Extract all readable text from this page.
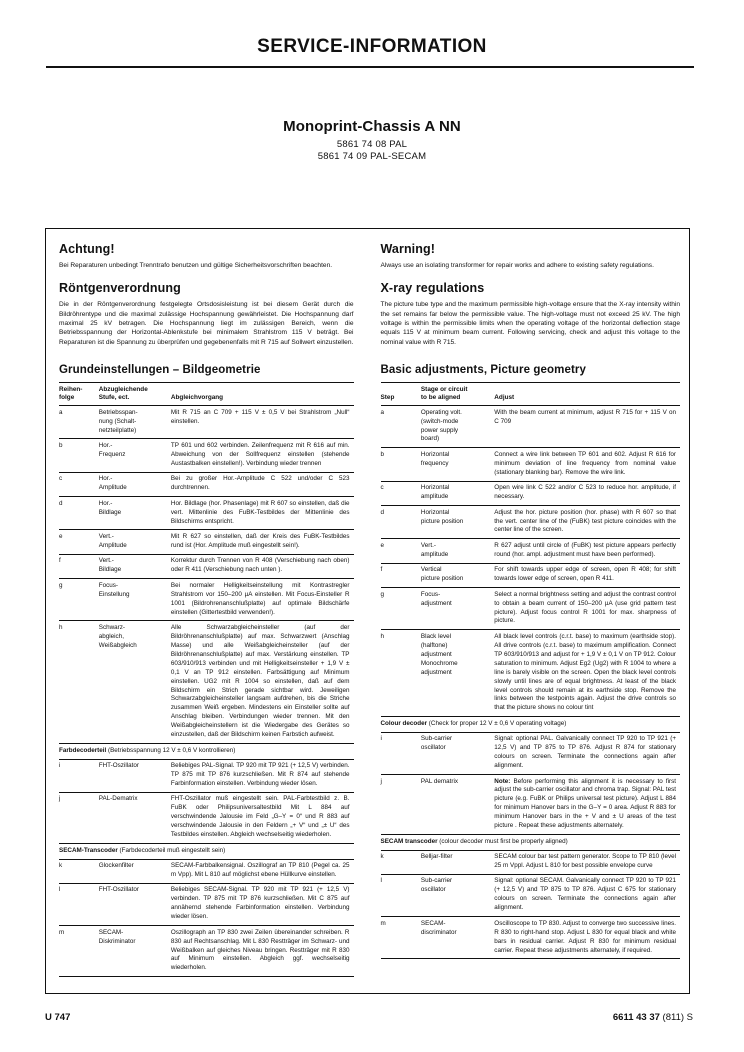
SERVICE-INFORMATION
Monoprint-Chassis A NN
5861 74 08 PAL
5861 74 09 PAL-SECAM
Achtung!

Bei Reparaturen unbedingt Trenntrafo benutzen und gültige Sicherheitsvorschriften beachten.

Röntgenverordnung

Die in der Röntgenverordnung festgelegte Ortsdosisleistung ist bei diesem Gerät durch die Bildröhrentype und die maximal zulässige Hochspannung gewährleistet. Die Hochspannung darf maximal 25 kV betragen. Die Hochspannung liegt im zulässigen Bereich, wenn die Betriebsspannung der Horizontal-Ablenkstufe bei minimalem Strahlstrom 115 V beträgt. Bei Reparaturen ist die Spannung zu überprüfen und gegebenenfalls mit R 715 auf Sollwert einzustellen.

Grundeinstellungen – Bildgeometrie
Reihen-
folge	Abzugleichende
Stufe, ect.	Abgleichvorgang
a	Betriebsspan-
nung (Schalt-
netzteilplatte)	Mit R 715 an C 709 + 115 V ± 0,5 V bei Strahlstrom „Null“ einstellen.
b	Hor.-
Frequenz	TP 601 und 602 verbinden. Zeilenfrequenz mit R 616 auf min. Abweichung von der Sollfrequenz einstellen (stehende Austastbalken einstellen!). Verbindung wieder trennen
c	Hor.-
Amplitude	Bei zu großer Hor.-Amplitude C 522 und/oder C 523 durchtrennen.
d	Hor.-
Bildlage	Hor. Bildlage (hor. Phasenlage) mit R 607 so einstellen, daß die vert. Mittenlinie des FuBK-Testbildes der Mittenlinie des Bildschirms entspricht.
e	Vert.-
Amplitude	Mit R 627 so einstellen, daß der Kreis des FuBK-Testbildes rund ist (Hor. Amplitude muß eingestellt sein!).
f	Vert.-
Bildlage	Korrektur durch Trennen von R 408 (Verschiebung nach oben) oder R 411 (Verschiebung nach unten ).
g	Focus-
Einstellung	Bei normaler Helligkeitseinstellung mit Kontrastregler Strahlstrom vor 150–200 µA einstellen. Mit Focus-Einsteller R 1001 (Bildrohrenanschlußplatte) auf optimale Bildschärfe einstellen (Gittertestbild verwenden!).
h	Schwarz-
abgleich,
Weißabgleich	Alle Schwarzabgleicheinsteller (auf der Bildröhrenanschlußplatte) auf max. Schwarzwert (Anschlag Masse) und alle Weißabgleicheinsteller (auf der Bildröhrenanschlußplatte) auf max. Verstärkung einstellen. TP 603/910/913 verbinden und mit Helligkeitseinsteller + 1,9 V ± 0,1 V an TP 912 einstellen. Farbsättigung auf Minimum einstellen. UG2 mit R 1004 so einstellen, daß auf dem Bildschirm ein Strich gerade sichtbar wird. Jeweiligen Schwarzabgleicheinsteller langsam aufdrehen, bis die Striche zusammen Weiß ergeben. Mindestens ein Einsteller sollte auf Anschlag bleiben. Verbindungen wieder trennen. Mit den Weißabgleicheinstellern ist die Wiedergabe des Gerätes so einzustellen, daß der Bildschirm keinen Farbstich aufweist.
Farbdecoderteil (Betriebsspannung 12 V ± 0,6 V kontrollieren)		
i	FHT-Oszillator	Beliebiges PAL-Signal. TP 920 mit TP 921 (+ 12,5 V) verbinden. TP 875 mit TP 876 kurzschließen. Mit R 874 auf stehende Farbinformation einstellen. Verbindung wieder lösen.
j	PAL-Dematrix	FHT-Oszillator muß eingestellt sein. PAL-Farbtestbild z. B. FuBK oder Philipsuniversaltestbild Mit L 884 auf verschwindende Jalousie im Feld „G–Y = 0“ und R 883 auf verschwindende Jalousie in den Feldern „+ V“ und „± U“ des Testbildes einstellen. Abgleich wechselseitig wiederholen.
SECAM-Transcoder (Farbdecoderteil muß eingestellt sein)		
k	Glockenfilter	SECAM-Farbbalkensignal. Oszillograf an TP 810 (Pegel ca. 25 m Vpp). Mit L 810 auf möglichst ebene Hüllkurve einstellen.
l	FHT-Oszillator	Beliebiges SECAM-Signal. TP 920 mit TP 921 (+ 12,5 V) verbinden. TP 875 mit TP 876 kurzschließen. Mit C 875 auf annähernd stehende Farbinformation einstellen. Verbindung wieder lösen.
m	SECAM-
Diskriminator	Oszillograph an TP 830 zwei Zeilen übereinander schreiben. R 830 auf Rechtsanschlag. Mit L 830 Restträger im Schwarz- und Weißbalken auf gleiches Niveau bringen. Restträger mit R 830 auf Minimum einstellen. Abgleich ggf. wechselseitig wiederholen.
Warning!

Always use an isolating transformer for repair works and adhere to existing safety regulations.

X-ray regulations

The picture tube type and the maximum permissible high-voltage ensure that the X-ray intensity within the set remains far below the permissible value. The high-voltage must not exceed 25 kV. The high voltage is within the permissible limits when the operating voltage of the horizontal deflection stage equals 115 V at minimum beam current. Following servicing, check and adjust this voltage to the nominal value with R 715.

Basic adjustments, Picture geometry
Step	Stage or circuit
to be aligned	Adjust
a	Operating volt.
(switch-mode
power supply
board)	With the beam current at minimum, adjust R 715 for + 115 V on C 709
b	Horizontal
frequency	Connect a wire link between TP 601 and 602. Adjust R 616 for minimum deviation of line frequency from nominal value (stationary blanking bar). Remove the wire link.
c	Horizontal
amplitude	Open wire link C 522 and/or C 523 to reduce hor. amplitude, if necessary.
d	Horizontal
picture position	Adjust the hor. picture position (hor. phase) with R 607 so that the vert. center line of the (FuBK) test picture coincides with the center line of the screen.
e	Vert.-
amplitude	R 627 adjust until circle of (FuBK) test picture appears perfectly round (hor. ampl. adjustment must have been performed).
f	Vertical
picture position	For shift towards upper edge of screen, open R 408; for shift towards lower edge of screen, open R 411.
g	Focus-
adjustment	Select a normal brightness setting and adjust the contrast control to obtain a beam current of 150–200 µA (use grid pattern test picture). Adjust focus control R 1001 for max. sharpness of picture.
h	Black level
(halftone)
adjustment
Monochrome
adjustment	All black level controls (c.r.t. base) to maximum (earthside stop). All drive controls (c.r.t. base) to maximum amplification. Connect TP 603/910/913 and adjust for + 1,9 V ± 0,1 V on TP 912. Colour saturation to minimum. Adjust Eg2 (Ug2) with R 1004 to where a line is barely visible on the screen. Open the black level controls slowly until lines are of equal brightness. At least of the black level controls should remain at its earthside stop. Remove the links between the testpoints again. Adjust the drive controls so that the picture shows no colour tint
Colour decoder (Check for proper 12 V ± 0,6 V operating voltage)		
i	Sub-carrier
oscillator	Signal: optional PAL. Galvanically connect TP 920 to TP 921 (+ 12,5 V) and TP 875 to TP 876. Adjust R 874 for stationary colours on screen. Terminate the connections again after alignment.
j	PAL dematrix	Note: Before performing this alignment it is necessary to first adjust the sub-carrier oscillator and chroma trap. Signal: PAL test picture (e.g. FuBK or Philips universal test picture). Adjust L 884 for minimum Hanover bars in the G–Y = 0 area. Adjust R 883 for minimum Hanover bars in the + V and ± U areas of the test picture . Repeat these adjustments alternately.
SECAM transcoder (colour decoder must first be properly aligned)		
k	Belljar-filter	SECAM colour bar test pattern generator. Scope to TP 810 (level 25 m Vppl. Adjust L 810 for best possible envelope curve
l	Sub-carrier
oscillator	Signal: optional SECAM. Galvanically connect TP 920 to TP 921 (+ 12,5 V) and TP 875 to TP 876. Adjust C 675 for stationary colours on screen. Terminate the connections again after alignment.
m	SECAM-
discriminator	Oscilloscope to TP 830. Adjust to converge two successive lines. R 830 to right-hand stop. Adjust L 830 for equal black and white bars in residual carrier. Adjust R 830 for minimum residual carrier. Repeat these adjustments alternately, if required.
U 747	6611 43 37 (811) S
